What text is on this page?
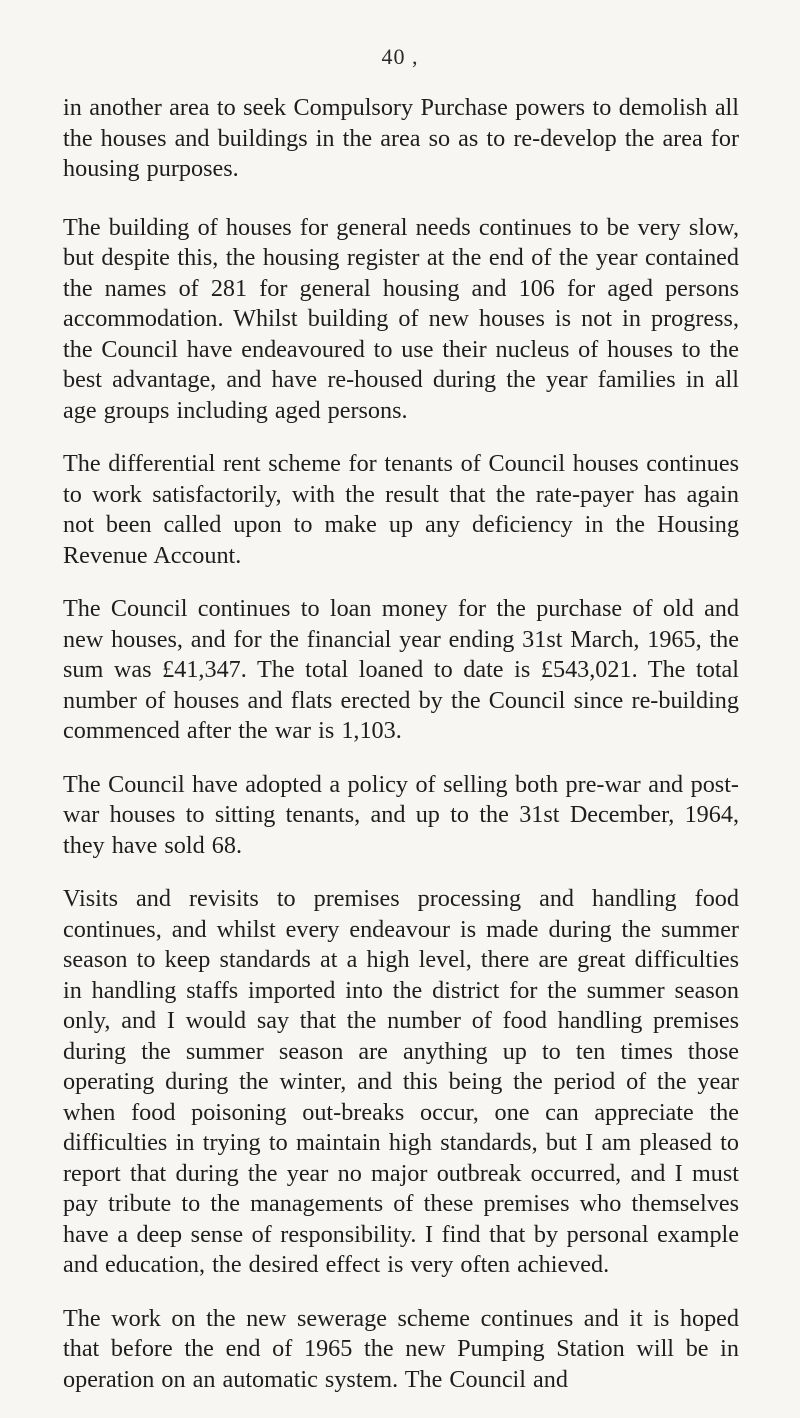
40 ,

in another area to seek Compulsory Purchase powers to demolish all the houses and buildings in the area so as to re-develop the area for housing purposes.

The building of houses for general needs continues to be very slow, but despite this, the housing register at the end of the year contained the names of 281 for general housing and 106 for aged persons accommodation. Whilst building of new houses is not in progress, the Council have endeavoured to use their nucleus of houses to the best advantage, and have re-housed during the year families in all age groups including aged persons.

The differential rent scheme for tenants of Council houses continues to work satisfactorily, with the result that the rate-payer has again not been called upon to make up any deficiency in the Housing Revenue Account.

The Council continues to loan money for the purchase of old and new houses, and for the financial year ending 31st March, 1965, the sum was £41,347. The total loaned to date is £543,021. The total number of houses and flats erected by the Council since re-building commenced after the war is 1,103.

The Council have adopted a policy of selling both pre-war and post-war houses to sitting tenants, and up to the 31st December, 1964, they have sold 68.

Visits and revisits to premises processing and handling food continues, and whilst every endeavour is made during the summer season to keep standards at a high level, there are great difficulties in handling staffs imported into the district for the summer season only, and I would say that the number of food handling premises during the summer season are anything up to ten times those operating during the winter, and this being the period of the year when food poisoning out-breaks occur, one can appreciate the difficulties in trying to maintain high standards, but I am pleased to report that during the year no major outbreak occurred, and I must pay tribute to the managements of these premises who themselves have a deep sense of responsibility. I find that by personal example and education, the desired effect is very often achieved.

The work on the new sewerage scheme continues and it is hoped that before the end of 1965 the new Pumping Station will be in operation on an automatic system. The Council and
